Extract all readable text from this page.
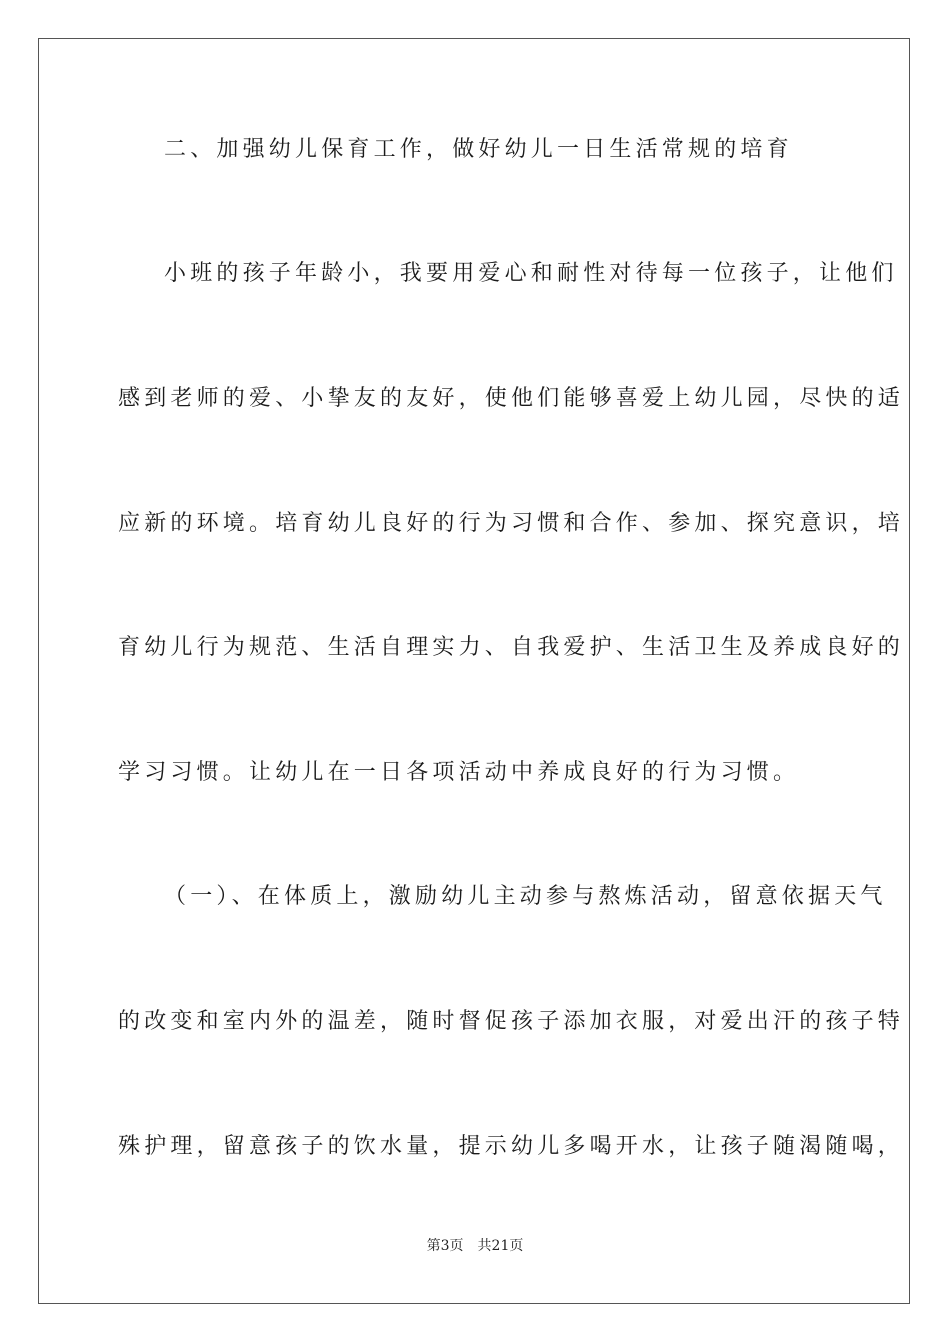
二、加强幼儿保育工作，做好幼儿一日生活常规的培育
小班的孩子年龄小，我要用爱心和耐性对待每一位孩子，让他们
感到老师的爱、小挚友的友好，使他们能够喜爱上幼儿园，尽快的适
应新的环境。培育幼儿良好的行为习惯和合作、参加、探究意识，培
育幼儿行为规范、生活自理实力、自我爱护、生活卫生及养成良好的
学习习惯。让幼儿在一日各项活动中养成良好的行为习惯。
（一）、在体质上，激励幼儿主动参与熬炼活动，留意依据天气
的改变和室内外的温差，随时督促孩子添加衣服，对爱出汗的孩子特
殊护理，留意孩子的饮水量，提示幼儿多喝开水，让孩子随渴随喝，
第3页 共21页
